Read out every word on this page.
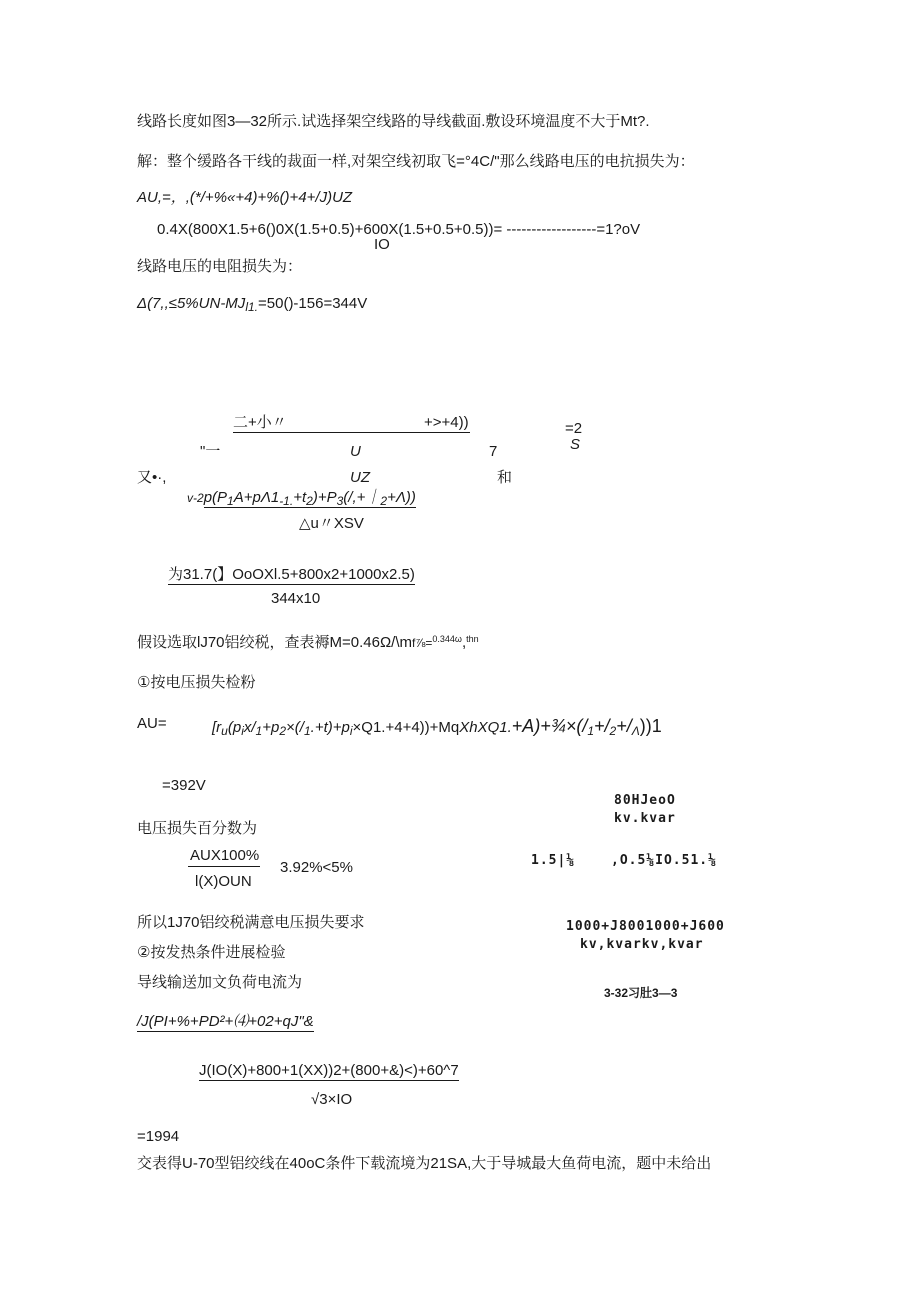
线路长度如图3—32所示.试选择架空线路的导线截面.敷设环境温度不大于Mt?.
解：整个缓路各干线的裁面一样,对架空线初取飞=°4C/"那么线路电压的电抗损失为：
AU,=，,(*/+%«+4)+%()+4+/J)UZ
0.4X(800X1.5+6()0X(1.5+0.5)+600X(1.5+0.5+0.5))= ------------------=1?oV
IO
线路电压的电阻损失为：
$\Delta(7,,\le 5\%UN-MJ_{l1.}=50()-156=344V$
二+小〃	+>+4))	=2
S
"一	U	7
又•·,	UZ	和
$v-2p(P_1A+p\Lambda 1_{-1.}+t_2)+P_3(/,+|_2+\Lambda)$)
△u〃XSV
为31.7(】OoOXl.5+800x2+1000x2.5)
344x10
假设选取lJ70铝绞税，查表褥M=0.46Ω/\mf⅞=$^{0.344\omega}$,$^{thn}$
①按电压损失检粉
AU=	$[r_u(p_ix/_1+p_2\times(/_1.+t)+p_i\times Q1.+4+4))+MqXhXQ1.+A)+\frac{3}{4}\times(/_1+/_2+/_\Lambda))1$
=392V
电压损失百分数为
AUX100%
l(X)OUN
3.92%<5%
所以1J70铝绞税满意电压损失要求
②按发热条件进展检验
导线输送加文负荷电流为
/J(PI+%+PD²+⑷+02+qJ"&
J(IO(X)+800+1(XX))2+(800+&)<)+60^7
√3×IO
=1994
交表得U-70型铝绞线在40oC条件下载流境为21SA,大于导城最大鱼荷电流，题中未给出
80HJeoO
kv.kvar
1.5|⅛	,O.5⅛IO.51.⅛
1000+J8001000+J600
kv,kvarkv,kvar
3-32习肚3—3
